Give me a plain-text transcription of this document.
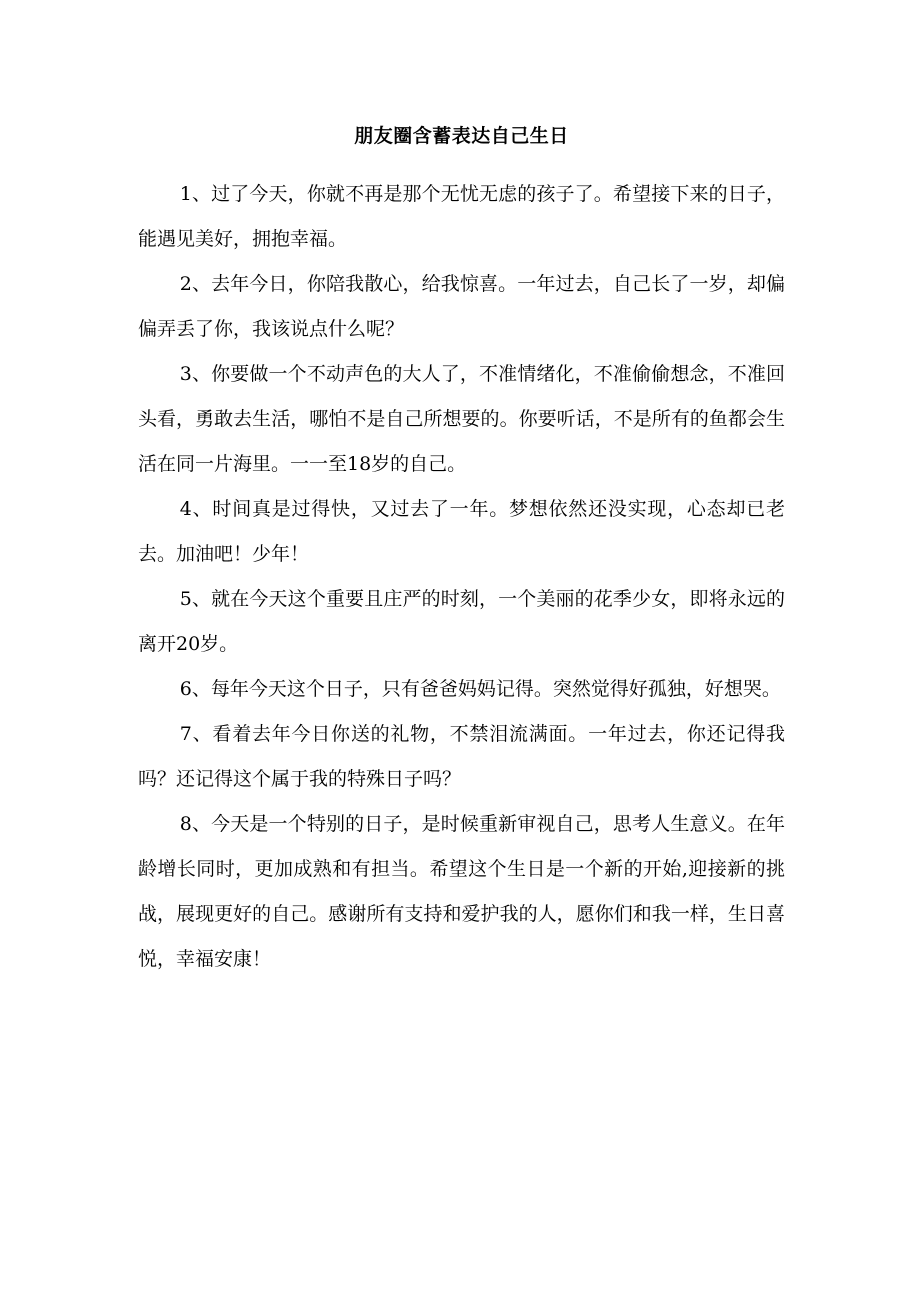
朋友圈含蓄表达自己生日

1、过了今天，你就不再是那个无忧无虑的孩子了。希望接下来的日子，能遇见美好，拥抱幸福。

2、去年今日，你陪我散心，给我惊喜。一年过去，自己长了一岁，却偏偏弄丢了你，我该说点什么呢？

3、你要做一个不动声色的大人了，不准情绪化，不准偷偷想念，不准回头看，勇敢去生活，哪怕不是自己所想要的。你要听话，不是所有的鱼都会生活在同一片海里。一一至18岁的自己。

4、时间真是过得快，又过去了一年。梦想依然还没实现，心态却已老去。加油吧！少年！

5、就在今天这个重要且庄严的时刻，一个美丽的花季少女，即将永远的离开20岁。

6、每年今天这个日子，只有爸爸妈妈记得。突然觉得好孤独，好想哭。

7、看着去年今日你送的礼物，不禁泪流满面。一年过去，你还记得我吗？还记得这个属于我的特殊日子吗？

8、今天是一个特别的日子，是时候重新审视自己，思考人生意义。在年龄增长同时，更加成熟和有担当。希望这个生日是一个新的开始,迎接新的挑战，展现更好的自己。感谢所有支持和爱护我的人，愿你们和我一样，生日喜悦，幸福安康！
